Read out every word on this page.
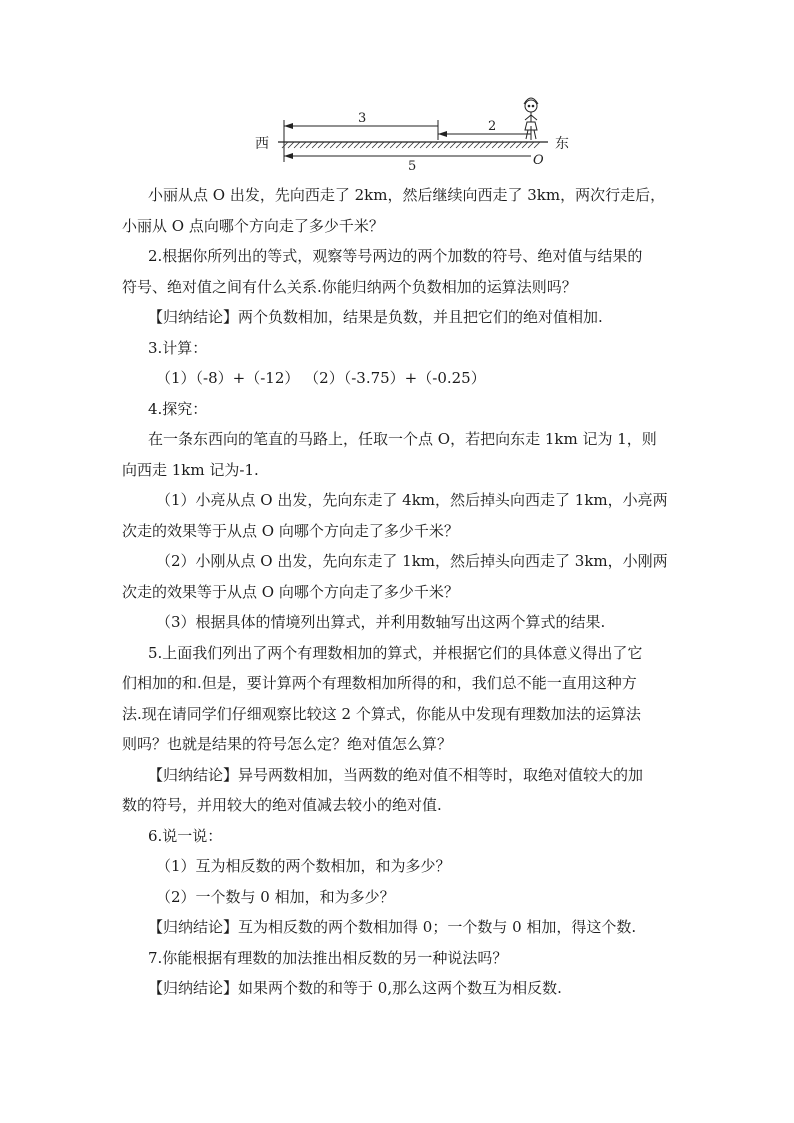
2
3
5
西	东
O

小丽从点 O 出发，先向西走了 2km，然后继续向西走了 3km，两次行走后，

小丽从 O 点向哪个方向走了多少千米？

2.根据你所列出的等式，观察等号两边的两个加数的符号、绝对值与结果的

符号、绝对值之间有什么关系.你能归纳两个负数相加的运算法则吗？

【归纳结论】两个负数相加，结果是负数，并且把它们的绝对值相加.

3.计算：

（1）（-8）+（-12） （2）（-3.75）+（-0.25）

4.探究：

在一条东西向的笔直的马路上，任取一个点 O，若把向东走 1km 记为 1，则

向西走 1km 记为-1.

（1）小亮从点 O 出发，先向东走了 4km，然后掉头向西走了 1km，小亮两

次走的效果等于从点 O 向哪个方向走了多少千米？

（2）小刚从点 O 出发，先向东走了 1km，然后掉头向西走了 3km，小刚两

次走的效果等于从点 O 向哪个方向走了多少千米？

（3）根据具体的情境列出算式，并利用数轴写出这两个算式的结果.

5.上面我们列出了两个有理数相加的算式，并根据它们的具体意义得出了它

们相加的和.但是，要计算两个有理数相加所得的和，我们总不能一直用这种方

法.现在请同学们仔细观察比较这 2 个算式，你能从中发现有理数加法的运算法

则吗？也就是结果的符号怎么定？绝对值怎么算？

【归纳结论】异号两数相加，当两数的绝对值不相等时，取绝对值较大的加

数的符号，并用较大的绝对值减去较小的绝对值.

6.说一说：

（1）互为相反数的两个数相加，和为多少？

（2）一个数与 0 相加，和为多少？

【归纳结论】互为相反数的两个数相加得 0；一个数与 0 相加，得这个数.

7.你能根据有理数的加法推出相反数的另一种说法吗？

【归纳结论】如果两个数的和等于 0,那么这两个数互为相反数.
